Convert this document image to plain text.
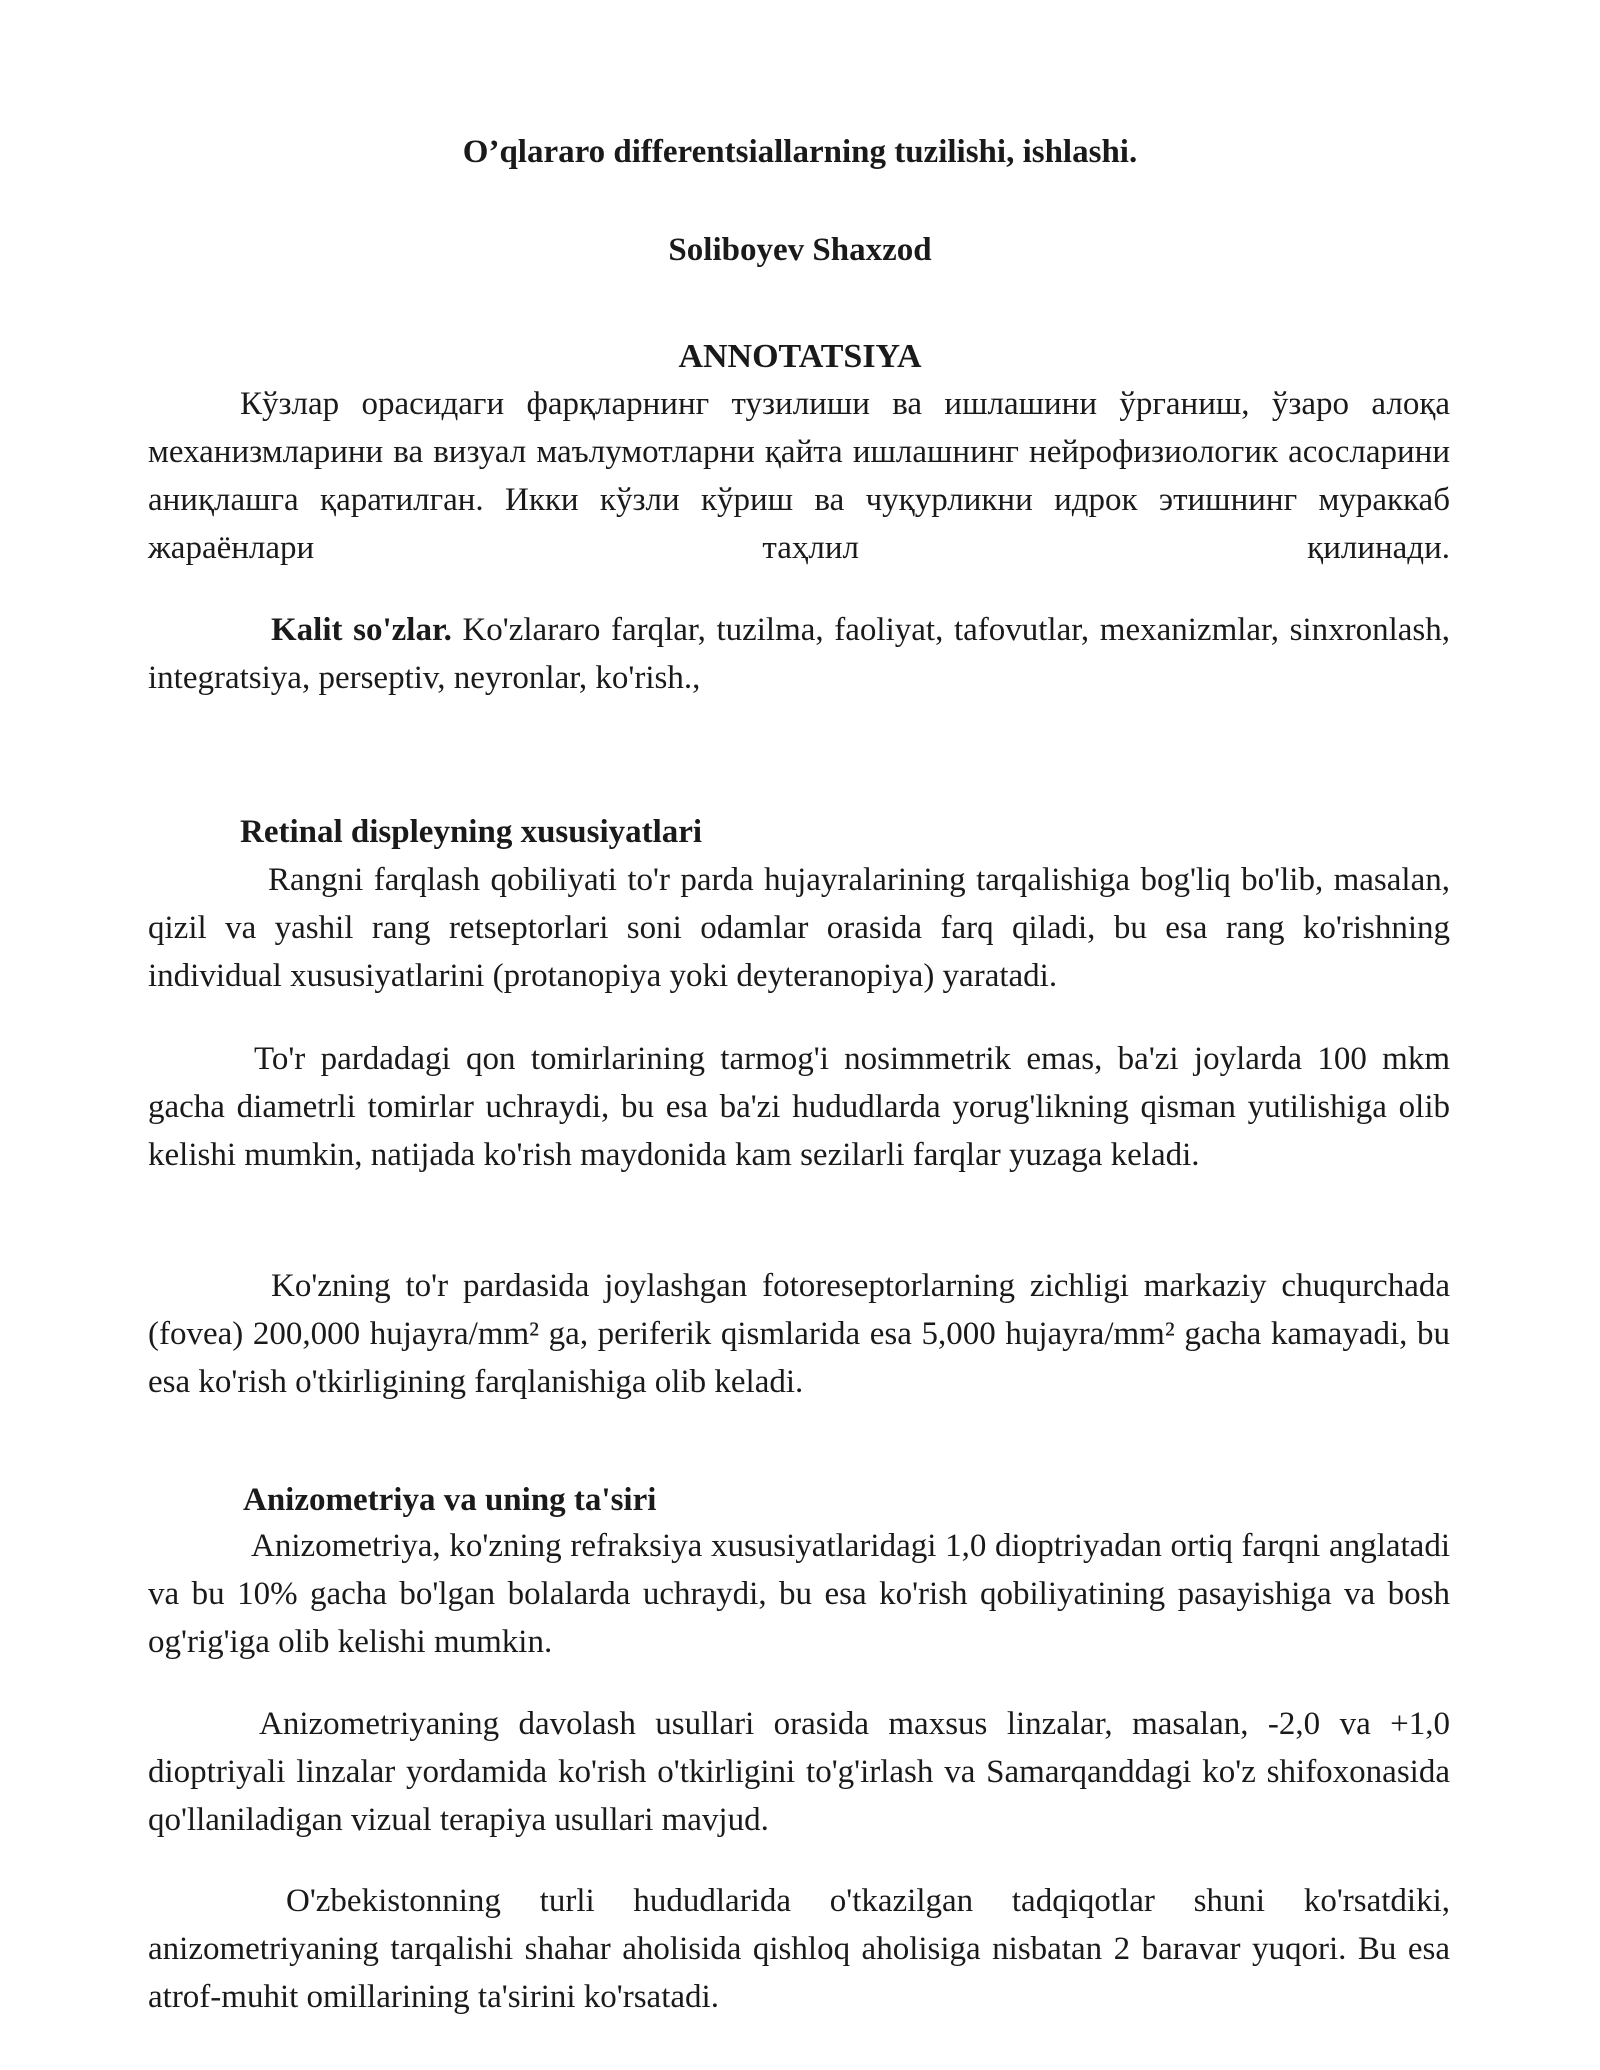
O’qlararo differentsiallarning tuzilishi, ishlashi.
Soliboyev Shaxzod
ANNOTATSIYA

Кўзлар орасидаги фарқларнинг тузилиши ва ишлашини ўрганиш, ўзаро алоқа механизмларини ва визуал маълумотларни қайта ишлашнинг нейрофизиологик асосларини аниқлашга қаратилган. Икки кўзли кўриш ва чуқурликни идрок этишнинг мураккаб жараёнлари таҳлил қилинади.

Kalit so'zlar. Ko'zlararo farqlar, tuzilma, faoliyat, tafovutlar, mexanizmlar, sinxronlash, integratsiya, perseptiv, neyronlar, ko'rish.,

Retinal displeyning xususiyatlari

Rangni farqlash qobiliyati to'r parda hujayralarining tarqalishiga bog'liq bo'lib, masalan, qizil va yashil rang retseptorlari soni odamlar orasida farq qiladi, bu esa rang ko'rishning individual xususiyatlarini (protanopiya yoki deyteranopiya) yaratadi.

To'r pardadagi qon tomirlarining tarmog'i nosimmetrik emas, ba'zi joylarda 100 mkm gacha diametrli tomirlar uchraydi, bu esa ba'zi hududlarda yorug'likning qisman yutilishiga olib kelishi mumkin, natijada ko'rish maydonida kam sezilarli farqlar yuzaga keladi.

Ko'zning to'r pardasida joylashgan fotoreseptorlarning zichligi markaziy chuqurchada (fovea) 200,000 hujayra/mm² ga, periferik qismlarida esa 5,000 hujayra/mm² gacha kamayadi, bu esa ko'rish o'tkirligining farqlanishiga olib keladi.

Anizometriya va uning ta'siri

Anizometriya, ko'zning refraksiya xususiyatlaridagi 1,0 dioptriyadan ortiq farqni anglatadi va bu 10% gacha bo'lgan bolalarda uchraydi, bu esa ko'rish qobiliyatining pasayishiga va bosh og'rig'iga olib kelishi mumkin.

Anizometriyaning davolash usullari orasida maxsus linzalar, masalan, -2,0 va +1,0 dioptriyali linzalar yordamida ko'rish o'tkirligini to'g'irlash va Samarqanddagi ko'z shifoxonasida qo'llaniladigan vizual terapiya usullari mavjud.

O'zbekistonning turli hududlarida o'tkazilgan tadqiqotlar shuni ko'rsatdiki, anizometriyaning tarqalishi shahar aholisida qishloq aholisiga nisbatan 2 baravar yuqori. Bu esa atrof-muhit omillarining ta'sirini ko'rsatadi.
